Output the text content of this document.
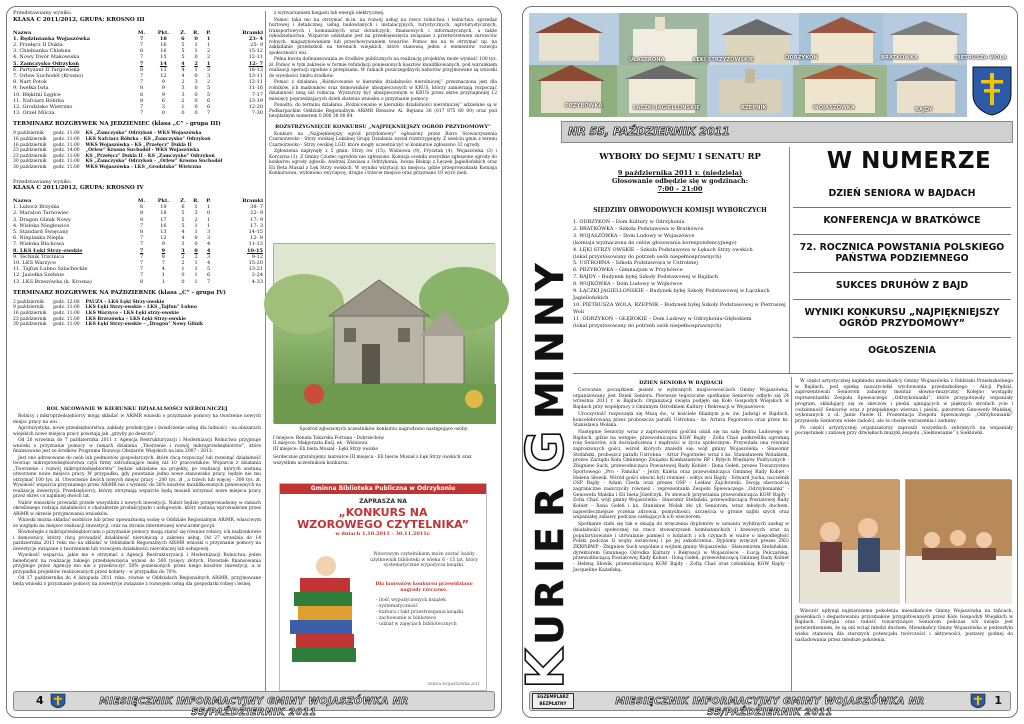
Przedstawiamy wyniki:
KLASA C 2011/2012, GRUPA: KROSNO III
Nazwa	M.	Pkt.	Z.	R.	P.	Bramki
1. Rędzinianka Wojaszówka	7	18	6	0	1	23- 4
2. Przełęcz II Dukla	7	16	5	1	1	25- 9
3. Chlebianka Chlebna	8	16	5	1	2	15-12
4. Nowy Dwór Makowiska	7	15	5	0	2	12-11
5. Zamczysko Odrzykoń	7	14	4	2	1	12- 7
6. Partyzant II Targowiska	8	13	4	1	3	18-13
7. Orlew Suchodół (Krosno)	7	12	4	0	3	13-11
8. Nart Potok	7	9	2	3	2	12-11
9. Iwełka Iwla	8	9	3	0	5	11-16
10. Błękitni Łęgłce	8	9	3	0	5	7-17
11. Nafciarz Bóbrka	8	6	2	0	6	13-19
12. Grodzisko Wietrzno	7	3	1	0	6	12-20
13. Orzeł Milcza	7	0	0	0	7	7-30
TERMINARZ ROZGRYWEK NA JEDZIENIEC (klasa „C” - grupa III)
9 październik	godz. 11:00	KS „Zamczysko” Odrzykoń - WKS Wojaszówka
16 październik	godz. 11:00	LKS Nafciarz Bóbrka - KS „Zamczysko” Odrzykoń
16 październik	godz. 11:00	WKS Wojaszówka - KS „Przełęcz” Dukla II
23 październik	godz. 14:00	„Orlew” Krosno Suchodół - WKS Wojaszówka
23 październik	godz. 11:00	KS „Przełęcz” Dukla II - KS „Zamczysko” Odrzykoń
30 październik	godz. 11:00	KS „Zamczysko” Odrzykoń - „Orlew” Krosno Suchodół
30 październik	godz. 11:00	WKS Wojaszówka - LKS „Grodzisko” Wietrzno
Przedstawiamy wyniki:
KLASA C 2011/2012, GRUPA: KROSNO IV
Nazwa	M.	Pkt.	Z.	R.	P.	Bramki
1. Lubocz Brzyska	8	19	6	1	1	38- 7
2. Maraton Tarnowiec	8	18	5	3	0	22- 9
3. Dragon Glinik Nowy	8	17	5	2	1	17- 9
4. Wisłoka Niegłowice	7	16	5	1	1	17- 3
5. Standard Święcany	8	13	4	1	3	14-15
6. Nieplanka Niepla	7	12	4	0	3	12- 8
7. Wisłoka Bła-kowa	7	9	3	0	4	11-13
8. LKS Łęki Strzy-owskie	7	9	3	0	4	10-15
9. Technik Trzcinica	7	8	2	2	3	9-12
10. LKS Warzyce	7	7	2	1	4	15-20
11. Tajfun Łubno Szlacheckie	7	4	1	1	5	13-21
12. Jasiołka Szebnie	7	1	0	1	6	2-24
13. LKS Brzezówka (k. Krosna)	8	1	0	1	7	4-33
TERMINARZ ROZGRYWEK NA PAŹDZIERNIK (klasa „C” - grupa IV)
2 październik	godz. 12:00	PAUZA – LKS Łęki Strzy-owskie
9 październik	godz. 11:00	LKS Łęki Strzy-owskie – LKS „Tajfun” Łubno
16 październik	godz. 11:00	LKS Warzyce – LKS Łęki strzy-owskie
23 październik	godz. 11:00	LKS Brzezówka – LKS Łęki Strzy-owskie
30 październik	godz. 11:00	LKS Łęki Strzy-owskie – „Dragon” Nowy Glinik
ROL NICOWANIE W KIERUNKU DZIAŁALNOŚCI NIEROLNICZEJ

Rolnicy i mikroprzedsiębiorcy mogą składać w ARiMR wnioski o przyznanie pomocy na tworzenie nowych miejsc pracy na wsi.

Agroturystyka, nowe przedsiębiorstwa, zakłady produkcyjne i świadczenie usług dla ludności - na obszarach wiejskich nowe miejsca pracy powstają jak „grzyby po deszczu”.

Od 26 września do 7 października 2011 r. Agencja Restrukturyzacji i Modernizacji Rolnictwa przyjmuje wnioski o przyznanie pomocy w ramach działania „Tworzenie i rozwój mikroprzedsiębiorstw”, które finansowane jest ze środków Programu Rozwoju Obszarów Wiejskich na lata 2007 - 2013.

Jest ono adresowane do osób lub podmiotów gospodarczych, które chcą rozpocząć lub rozwinąć działalność tworząc mikroprzedsiębiorstwa czyli firmy zatrudniające mniej niż 10 pracowników. Wsparcie z działania „Tworzenie i rozwój mikroprzedsiębiorstw” będzie udzielane na projekty, po realizacji których zostaną utworzone nowe miejsca pracy. W przypadku, gdy powstanie jedno nowe stanowisko pracy, będzie nie mu otrzymać 100 tys. zł. Utworzenie dwóch nowych miejsc pracy - 200 tys. zł , a trzech lub więcej - 300 tys. zł. Wysokość wsparcia przyznanego przez ARiMR nie z wynieść do 50% kosztów kwalifikowanych poniesionych na realizację inwestycji. Przedsiębiorcy, którzy otrzymają wsparcie będą musieli utrzymać nowe miejsca pracy przez okres co najmniej dwóch lat.

Nabór wniosków prowadzi przede wszystkim z nowych inwestycji. Nabór będzie przeprowadzony w ramach określonego rodzaju działalności o charakterze produkcyjnym i usługowym, który zostaną wprowadzone przez ARiMR w okresie przyjmowania wniosków.

Wnioski można składać osobiście lub przez upoważnioną osobę w Oddziale Regionalnym ARiMR, właściwym ze względu na miejsce realizacji inwestycji, oraz na stronie internetowej www.arimr.gov.pl.

Równolegle z mikroprzedsiębiorcami o przyznanie pomocy mogą starać się również rolnicy, ich małżonkowie i domownicy, którzy chcą prowadzić działalność nierolniczą z zakresu usług. Od 27 września do 14 października 2011 roku mo na składać w Oddziałach Regionalnych ARiMR wnioski o przyznanie pomocy na inwestycje związane z tworzeniem lub rozwojem działalności nierolniczej lub usługowej.

Wysokość wsparcia, jakie mo e otrzymać z Agencji Restrukturyzacji i Modernizacji Rolnictwa jeden beneficjent na realizację takiego przedsięwzięcia wynosi do 500 tysięcy złotych. Pozostałe finansowania przyjmuje przez Agencję mo nie z przekroczyć 50% poniesionych przez niego kosztów inwestycji, a w przypadku projektów realizowanych przez kobiety - w przypadku do 70%.

Od 17 października do 4 listopada 2011 roku, równie w Oddziałach Regionalnych ARiMR, przyjmowane będą wnioski o przyznanie pomocy na inwestycje związane z rozwojem usług dla gospodarki rolnej i leśnej.

z wytwarzaniem biogazu lub energii elektrycznej.

Pomoc taka mo na otrzymać m.in. na rozwój usług na rzecz rolnictwa i leśnictwa, sprzedaż hurtowej i detalicznej, usług budowlanych i instalacyjnych, turystycznych, agroturystycznych, transportowych i komunalnych oraz doradczych, finansowych i informatycznych, a także rękodzielnictwa. Wsparcie udzielane jest na przedsięwzięcia związane z przetwórstwem surowców rolnych, magazynowaniem lub przechowywaniem towarów. Pomoc mo na te otrzymać np. na zakładanie przedszkoli na terenach wiejskich, które stanowią jeden z elementów rozwoju społeczności wsi.

Pełna kwota dofinansowania ze środków publicznych na realizację projektów może wynieść 100 tys. zł. Pomoc w tym zakresie w formie refundacji poniesionych kosztów kwalifikowanych, pod warunkiem realizacji operacji zgodnie z przepisami. W ramach poszczególnych naborów przyjmowane są wnioski do wysokości limitu środków.

Pomoc z działania „Różnicowanie w kierunku działalności nierolniczej” przeznaczona jest dla rolników, ich małżonków oraz domowników ubezpieczonych w KRUS, którzy zamierzają rozpocząć działalność inną niż rolnicza. Wystarczy być ubezpieczonym w KRUS przez okres przynajmniej 12 miesięcy poprzedzających dzień złożenia wniosku o przyznanie pomocy.

Ponadto, do terminu działania „Różnicowanie w kierunku działalności nierolniczej” udzielane są w Podkarpackim Oddziale Regionalnym ARiMR Rzeszów Al. Rejtana 36 (017 875 60 00) oraz pod bezpłatnym numerem 0 800 38 00 84.

ROZSTRZYGNIĘCIE KONKURSU „NAJPIĘKNIEJSZY OGRÓD PRZYDOMOWY”

Konkurs na „Najpiękniejszy ogród przydomowy” ogłoszony przez Biuro Stowarzyszenia Czarnorzecko - Strzy owskiej Lokalnej Grupy Działania został rozstrzygnięty. Z sześciu gmin z terenu Czarnorzecko - Strzy owskiej LGD, które mogły uczestniczyć w konkursie zgłoszono 32 ogrody.

Zgłoszenia napłynęły z 5 gmin: Strzy ów (15), Wiśniowa (9), Frysztak (4), Wojaszówka (3) i Korczyna (1). Z Gminy Czudec ogrodów nie zgłoszono. Komisja oceniła wszystkie zgłoszone ogrody do konkursu ogrody zgłosili: Andrzej Zawiasa z Odrzykonia, Iwona Biskup z Łęczek Jagiellońskich oraz Eli Beta Musiał z Łęk Strzy owskich. W wyniku wizytacji na miejscu, gdzie przeprowadzała Komisja Konkursowa, wyłoniono zwycięzcę, drugie i trzecie miejsce oraz przyznano 10 wyró nień.

Spośród zgłoszonych uczestników konkursu nagrodzono następujące osoby:
I miejsce: Renata Tokarska Fortuna - Dobrzechów
II miejsce: Małgorzata Kuśj. ek - Wiśniowa
III miejsce: Eli bieta Musiał - Łęki Strzy owskie
Serdecznie gratulujemy laureatce III miejsca - Eli biecie Musiał z Łęk Strzy owskich oraz wszystkim uczestnikom konkursu.
Gminna Biblioteka Publiczna w Odrzykoniu
ZAPRASZA NA
„KONKURS NA
WZOROWEGO CZYTELNIKA”
w dniach 1.10.2011 - 30.11.2011r.
Wzorowym czytelnikiem może zostać każdy użytkownik biblioteki w wieku 6 - 15 lat, który systematycznie wypożycza książki.
Dla laureatów konkursu przewidziano nagrody rzeczowe.
- ilość wypożyczonych książek
- systematyczność
- kultura i takt przestrzegania książki
- zachowanie w bibliotece
- udział w zajęciach bibliotecznych
GMINA WOJASZÓWKA 2011
4	MIESIĘCZNIK INFORMACYJNY GMINY WOJASZÓWKA NR 55/PAŹDZIERNIK 2011
ODRZYKOŃ	BRATKÓWKA	PIETRUSZA WOLA
UŁASTRONA	ŁĘKI STRZYŻOWSKIE
PRZYBÓWKA	ŁĄCZKI JAGIELLOŃSKIE	RZEPNIK	WOJASZÓWKA	BAJDY
K
U
R
I
E
R
G
M
I
N
N
Y
NR 55, PAŹDZIERNIK 2011
WYBORY DO SEJMU I SENATU RP
9 października 2011 r. (niedziela)
Głosowanie odbędzie się w godzinach:
7:00 – 21:00
SIEDZIBY OBWODOWYCH KOMISJI WYBORCZYCH
1. ODRZYKOŃ – Dom Kultury w Odrzykoniu
2. BRATKÓWKA – Szkoła Podstawowa w Bratkówce
3. WOJASZÓWKA – Dom Ludowy w Wojaszówce
(komisja wyznaczona do celów głosowania korespondencyjnego)
4. ŁĘKI STRZY OWSKIE – Szkoła Podstawowa w Łękach Strzy owskich
(lokal przystosowany do potrzeb osób niepełnosprawnych)
5. USTROBNA – Szkoła Podstawowa w Ustrobnej
6. PRZYBÓWKA – Gimnazjum w Przybówce
7. BAJDY – Budynek byłej Szkoły Podstawowej w Bajdach
8. WOJKÓWKA – Dom Ludowy w Wojkówce
9. ŁĄCZKI JAGIELLOŃSKIE – Budynek byłej Szkoły Podstawowej w Łączkach Jagiellońskich
10. PIETRUSZA WOLA, RZEPNIK – Budynek byłej Szkoły Podstawowej w Pietruszej Woli
11. ODRZYKOŃ – GŁĘBOKIE – Dom Ludowy w Odrzykoniu-Głębokiem
(lokal przystosowany do potrzeb osób niepełnosprawnych)
W NUMERZE
DZIEŃ SENIORA W BAJDACH
KONFERENCJA W BRATKÓWCE
72. ROCZNICA POWSTANIA POLSKIEGO PAŃSTWA PODZIEMNEGO
SUKCES DRUHÓW Z BAJD
WYNIKI KONKURSU „NAJPIĘKNIEJSZY OGRÓD PRZYDOMOWY”
OGŁOSZENIA
DZIEŃ SENIORA W BAJDACH

Corocznie, początkiem jesieni w wybranych miejscowościach Gminy Wojaszówka, organizowany jest Dzień Seniora. Pierwsze tegoroczne spotkanie Seniorów odbyło się 24 września 2011 r. w Bajdach. Organizacji święta podjęło się Koło Gospodyń Wiejskich w Bajdach przy współpracy z Gminnym Ośrodkiem Kultury i Rekreacji w Wojaszówce.

Uroczystość rozpoczęła się Mszą św., w kościele filialnym p.w. św. Jadwigi w Bajdach, koncelebrowaną przez proboszcza parafii Ustrobna - ks. Artura Pogorzelca oraz przez ks. Stanisława Wolaka.

Następnie Seniorzy wraz z zaproszonymi gośćmi udali się na salę Domu Ludowego w Bajdach, gdzie na wstępie, przewodnicząca KGW Bajdy - Zofia Chaś podkreśliła ogromną rolę Seniorów, ich doświadczenia i mądrości w życiu społecznym. Przywitała ona również zaproszonych gości, wśród których znaleźli się: wójt gminy Wojaszówka - Sławomir Stefański, proboszcz parafii Ustrobna - Artur Pogorzelec wraz z ks. Stanisławem Wolakiem, prezes Zarządu Koła Gminnego Związku Kombatantów RP i Byłych Więźniów Politycznych - Zbigniew Such, przewodnicząca Powiatowej Rady Kobiet - Ilona Gołeń, prezes Towarzystwa Sportowego „Pro - Familia” - Jerzy Kaleta oraz przewodnicząca Gminnej Rady Kobiet - Helena Słowik. Wśród gości obecni byli również : sołtys wsi Bajdy - Edward Jucha, naczelnik OSP Bajdy - Adam Ciesla oraz prezes OSP - Lesław Zajchowski. Swoją obecnością zagraniczne zaszczyciły również : reprezentanki Zespołu Śpiewaczego „Odrzykonianki” - Genowefa Malska i Eli bieta Józefczyk. Po słowach przywitania przewodnicząca KGW Bajdy - Zofia Chaś, wójt gminy Wojaszówka - Sławomir Stefański, przewodnicząca Powiatowej Rady Kobiet - Ilona Gołeń i ks. Stanisław Wolak zło yli Seniorom, wraz młodych duchem, najserdeczniejsze yczenia zdrowia, pomyślności, szczęścia w gronie najbli szych oraz wspaniałej zabawy podczas czekających ich wieczorem.

Spotkanie stało się tak e okazją do wręczenia dyplomów w uznaniu wybitnych zasług w działalności społecznej na rzecz stowarzyszeń kombatanckich i kresowych oraz za popularyzowanie i utrwalanie pamięci o ludziach i ich czynach w walce o niepodległość Polski podczas II wojny światowej i po jej zakończeniu. Dyplomy wręczył prezes ZKG ZKRPiBWP - Zbigniew Such wspólnie z wójtem gminy Wojaszówka - Sławomirem Stefańskim, dyrektorem Gminnego Ośrodka Kultury i Rekreacji w Wojaszówce - Łucją Pelczarską, przewodniczącą Powiatowej Rady Kobiet - Iloną Gołeń, przewodniczącą Gminnej Rady Kobiet - Heleną Słowik, przewodniczącą KGW Bajdy - Zofią Chaś oraz członkinią KGW Bajdy - Jacqueline Kazańską.

W części artystycznej najmłodsi mieszkańcy Gminy Wojaszówka z Oddziału Przedszkolnego w Bajdach, pod opieką nauczycielki wychowania przedszkolnego - Alicji Pędziś, zaprezentowali Seniorom zabawny montaż słowno-muzyczny. Kolejno wystąpiły reprezentantki Zespołu Śpiewaczego „Odrzykonianki”, które przygotowały wspaniały program, składający się ze skeczów i pieśni ujmujących w pięknych strofach ycie i codzienność Seniorów oraz z przepięknego wiersza i pieśni, autorstwa Genowefy Malskiej, wykonanych z ol. Janie Pawle II. Prezentacja Zespołu Śpiewaczego „Odrzykonianki” przyniosła Seniorom wiele radości, ale te chwile wzruszenia i zadumy.

Po części artystycznej organizatorzy zaprosili wszystkich zebranych na wspaniały poczęstunek i zabawę przy dźwiękach muzyki zespołu „Sieklowianie” z Sieklówki.

Wieczór upłynął najstarszemu pokoleniu mieszkańców Gminy Wojaszówka na tańcach, piosenkach i degustowaniu przysmaków przygotowanych przez Koło Gospodyń Wiejskich w Bajdach. Energia oraz radość towarzyszące Seniorom podczas ich święta jest potwierdzeniem, że są oni wciąż młodzi duchem. Mieszkańcy Gminy Wojaszówka w podeszłym wieku stanowią dla starszych potencjału twórczości i aktywności, postawy godnej do naśladowania przez młodsze pokolenia.

EGZEMPLARZ BEZPŁATNY	MIESIĘCZNIK INFORMACYJNY GMINY WOJASZÓWKA NR 55/PAŹDZIERNIK 2011
1
